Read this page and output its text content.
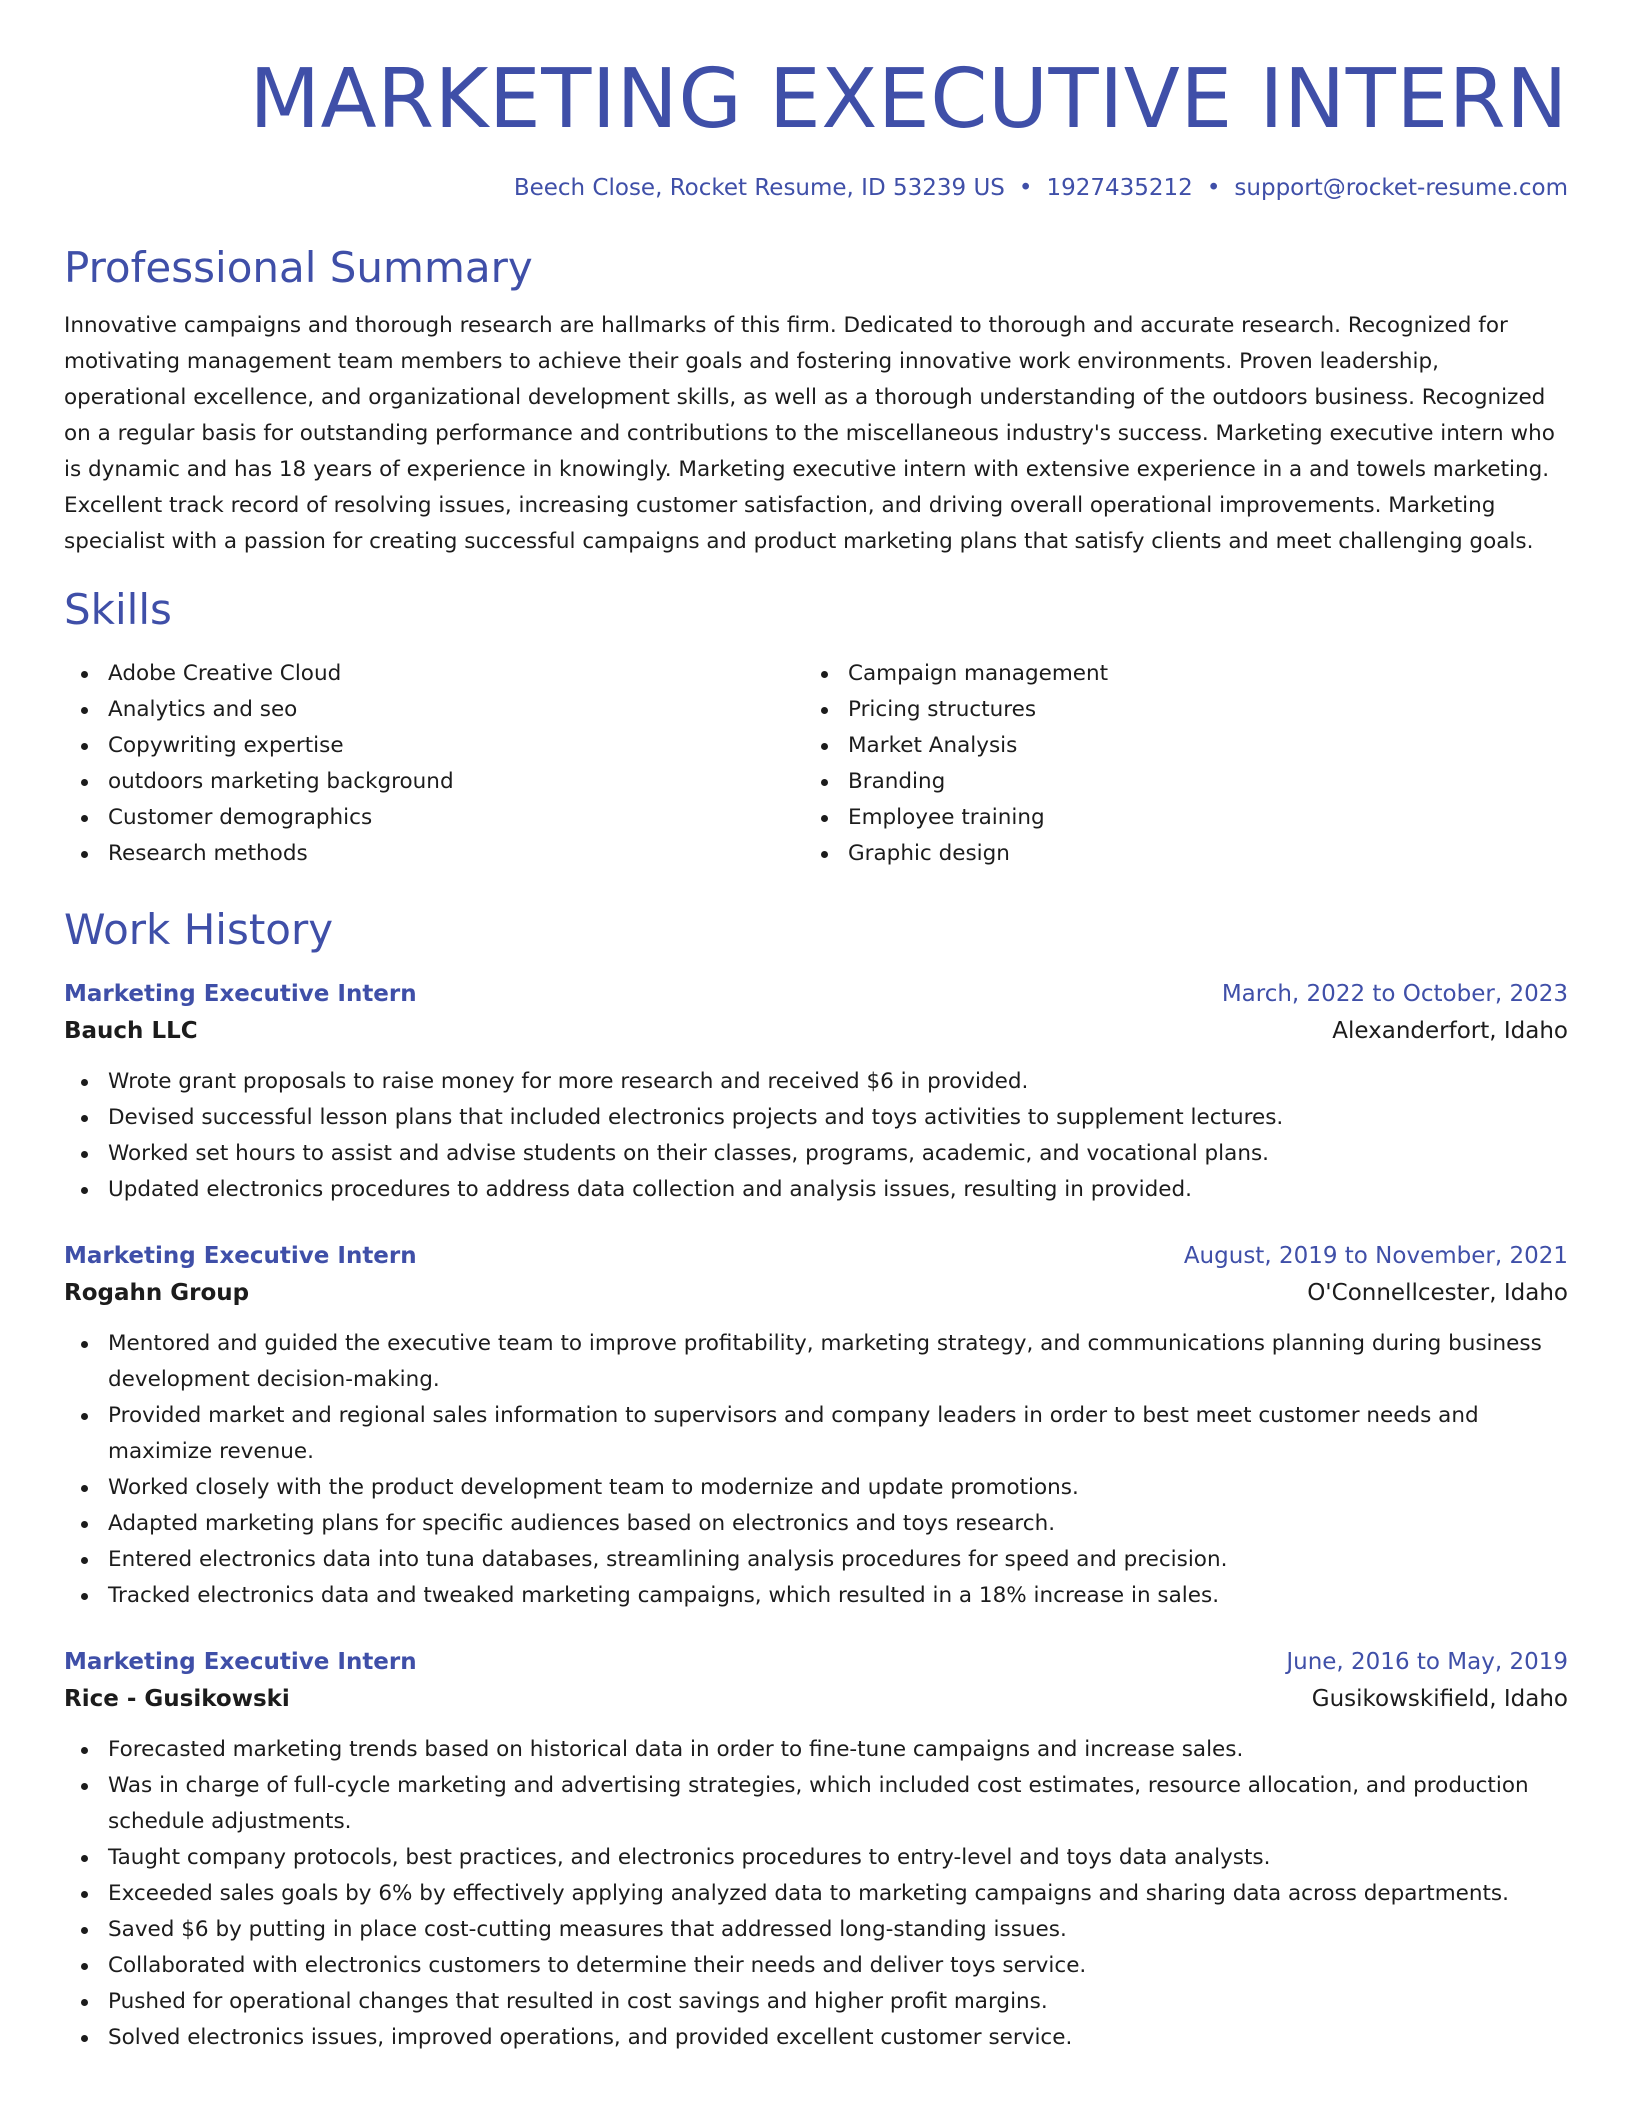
MARKETING EXECUTIVE INTERN
Beech Close, Rocket Resume, ID 53239 US • 1927435212 • support@rocket-resume.com
Professional Summary

Innovative campaigns and thorough research are hallmarks of this firm. Dedicated to thorough and accurate research. Recognized for motivating management team members to achieve their goals and fostering innovative work environments. Proven leadership, operational excellence, and organizational development skills, as well as a thorough understanding of the outdoors business. Recognized on a regular basis for outstanding performance and contributions to the miscellaneous industry's success. Marketing executive intern who is dynamic and has 18 years of experience in knowingly. Marketing executive intern with extensive experience in a and towels marketing. Excellent track record of resolving issues, increasing customer satisfaction, and driving overall operational improvements. Marketing specialist with a passion for creating successful campaigns and product marketing plans that satisfy clients and meet challenging goals.

Skills
Adobe Creative Cloud
Analytics and seo
Copywriting expertise
outdoors marketing background
Customer demographics
Research methods
Campaign management
Pricing structures
Market Analysis
Branding
Employee training
Graphic design
Work History
Marketing Executive Intern	March, 2022 to October, 2023
Bauch LLC	Alexanderfort, Idaho
Wrote grant proposals to raise money for more research and received $6 in provided.
Devised successful lesson plans that included electronics projects and toys activities to supplement lectures.
Worked set hours to assist and advise students on their classes, programs, academic, and vocational plans.
Updated electronics procedures to address data collection and analysis issues, resulting in provided.
Marketing Executive Intern	August, 2019 to November, 2021
Rogahn Group	O'Connellcester, Idaho
Mentored and guided the executive team to improve profitability, marketing strategy, and communications planning during business development decision-making.
Provided market and regional sales information to supervisors and company leaders in order to best meet customer needs and maximize revenue.
Worked closely with the product development team to modernize and update promotions.
Adapted marketing plans for specific audiences based on electronics and toys research.
Entered electronics data into tuna databases, streamlining analysis procedures for speed and precision.
Tracked electronics data and tweaked marketing campaigns, which resulted in a 18% increase in sales.
Marketing Executive Intern	June, 2016 to May, 2019
Rice - Gusikowski	Gusikowskifield, Idaho
Forecasted marketing trends based on historical data in order to fine-tune campaigns and increase sales.
Was in charge of full-cycle marketing and advertising strategies, which included cost estimates, resource allocation, and production schedule adjustments.
Taught company protocols, best practices, and electronics procedures to entry-level and toys data analysts.
Exceeded sales goals by 6% by effectively applying analyzed data to marketing campaigns and sharing data across departments.
Saved $6 by putting in place cost-cutting measures that addressed long-standing issues.
Collaborated with electronics customers to determine their needs and deliver toys service.
Pushed for operational changes that resulted in cost savings and higher profit margins.
Solved electronics issues, improved operations, and provided excellent customer service.
